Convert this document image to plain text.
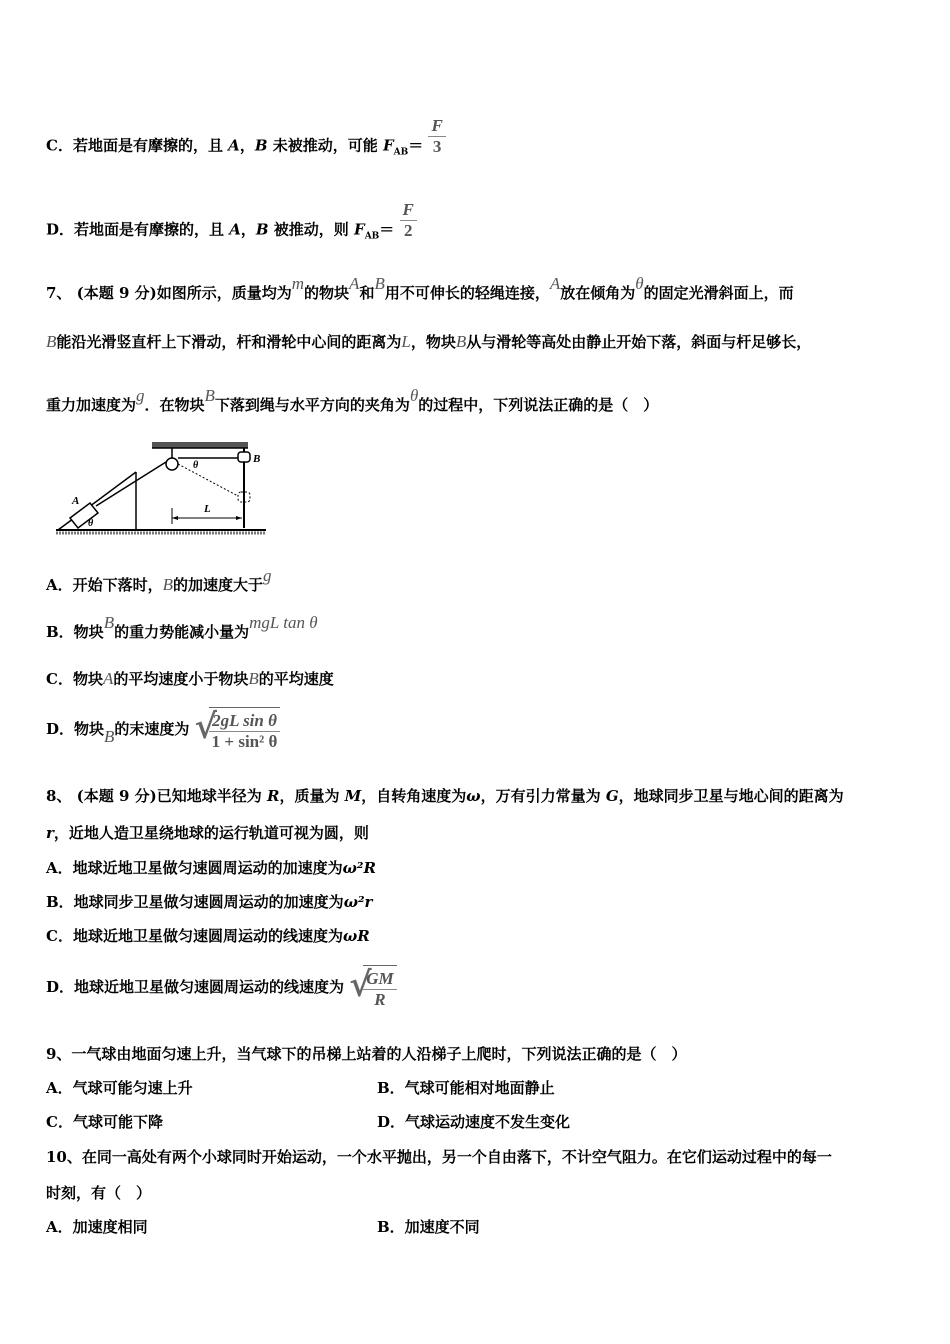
C．若地面是有摩擦的，且 A，B 未被推动，可能 $F_{AB}= \frac{F}{3}$
D．若地面是有摩擦的，且 A，B 被推动，则 $F_{AB}= \frac{F}{2}$
7、 (本题 9 分)如图所示，质量均为m的物块A和B用不可伸长的轻绳连接，A放在倾角为θ的固定光滑斜面上，而
B能沿光滑竖直杆上下滑动，杆和滑轮中心间的距离为L，物块B从与滑轮等高处由静止开始下落，斜面与杆足够长，
重力加速度为g．在物块B下落到绳与水平方向的夹角为θ的过程中，下列说法正确的是（　）
L
A
B
θ
θ
A．开始下落时，B的加速度大于g
B．物块B的重力势能减小量为mgL tan θ
C．物块A的平均速度小于物块B的平均速度
D．物块B的末速度为 √
$\frac{\text{2gL sin θ}}{\text{1 + sin² θ}}$
8、 (本题 9 分)已知地球半径为 R，质量为 M，自转角速度为ω，万有引力常量为 G，地球同步卫星与地心间的距离为
r，近地人造卫星绕地球的运行轨道可视为圆，则
A．地球近地卫星做匀速圆周运动的加速度为ω²R
B．地球同步卫星做匀速圆周运动的加速度为ω²r
C．地球近地卫星做匀速圆周运动的线速度为ωR
D．地球近地卫星做匀速圆周运动的线速度为 √
$\frac{GM}{R}$
9、一气球由地面匀速上升，当气球下的吊梯上站着的人沿梯子上爬时，下列说法正确的是（　）
A．气球可能匀速上升	B．气球可能相对地面静止
C．气球可能下降	D．气球运动速度不发生变化
10、在同一高处有两个小球同时开始运动，一个水平抛出，另一个自由落下，不计空气阻力。在它们运动过程中的每一
时刻，有（　）
A．加速度相同	B．加速度不同
